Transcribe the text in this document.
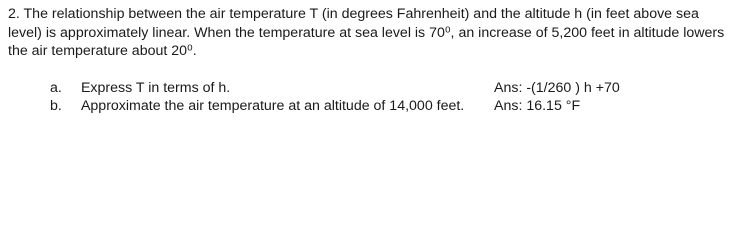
2. The relationship between the air temperature T (in degrees Fahrenheit) and the altitude h (in feet above sea level) is approximately linear. When the temperature at sea level is 70⁰, an increase of 5,200 feet in altitude lowers the air temperature about 20⁰.

a. Express T in terms of h.	Ans: -(1/260 ) h +70
b. Approximate the air temperature at an altitude of 14,000 feet. Ans: 16.15 °F
